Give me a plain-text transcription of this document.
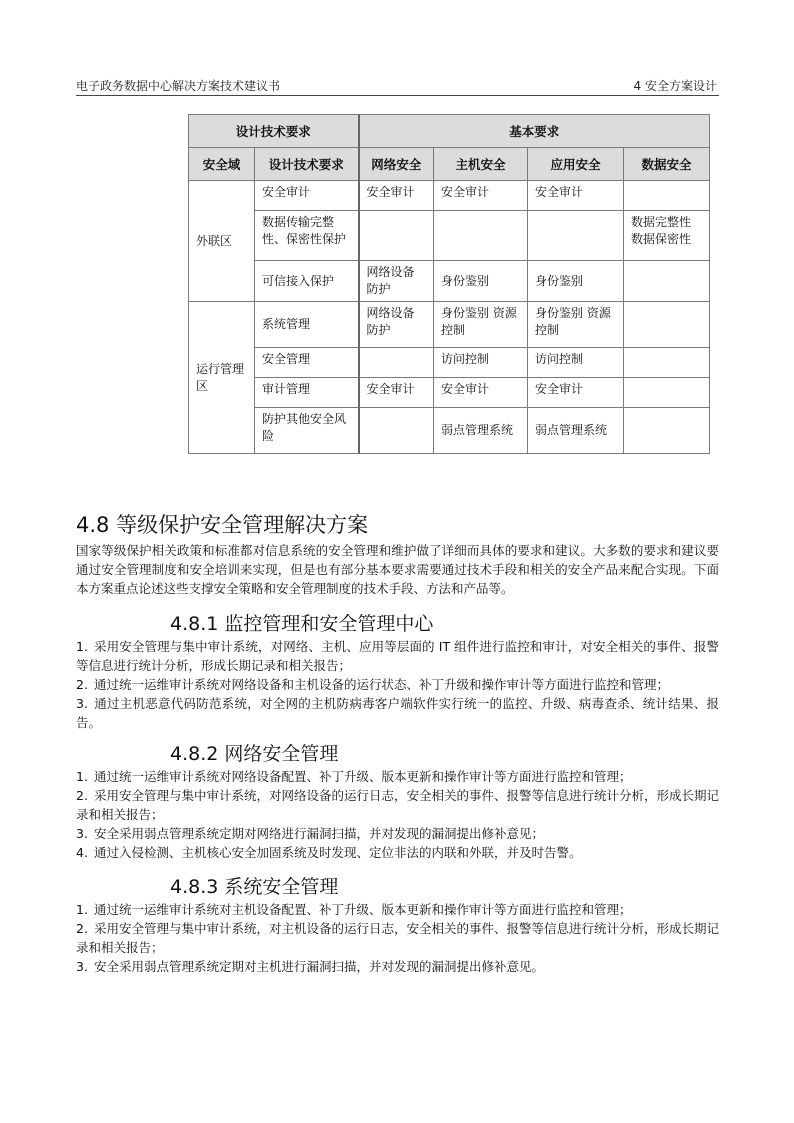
电子政务数据中心解决方案技术建议书	4 安全方案设计
设计技术要求		基本要求			
安全域	设计技术要求	网络安全	主机安全	应用安全	数据安全
外联区	安全审计	安全审计	安全审计	安全审计	
	数据传输完整性、保密性保护				数据完整性 数据保密性
	可信接入保护	网络设备防护	身份鉴别	身份鉴别	
运行管理区	系统管理	网络设备防护	身份鉴别 资源控制	身份鉴别 资源控制	
	安全管理		访问控制	访问控制	
	审计管理	安全审计	安全审计	安全审计	
	防护其他安全风险		弱点管理系统	弱点管理系统	
4.8 等级保护安全管理解决方案

国家等级保护相关政策和标准都对信息系统的安全管理和维护做了详细而具体的要求和建议。大多数的要求和建议要通过安全管理制度和安全培训来实现，但是也有部分基本要求需要通过技术手段和相关的安全产品来配合实现。下面本方案重点论述这些支撑安全策略和安全管理制度的技术手段、方法和产品等。

4.8.1 监控管理和安全管理中心

1. 采用安全管理与集中审计系统，对网络、主机、应用等层面的 IT 组件进行监控和审计，对安全相关的事件、报警等信息进行统计分析，形成长期记录和相关报告；

2. 通过统一运维审计系统对网络设备和主机设备的运行状态、补丁升级和操作审计等方面进行监控和管理；

3. 通过主机恶意代码防范系统，对全网的主机防病毒客户端软件实行统一的监控、升级、病毒查杀、统计结果、报告。

4.8.2 网络安全管理

1. 通过统一运维审计系统对网络设备配置、补丁升级、版本更新和操作审计等方面进行监控和管理；

2. 采用安全管理与集中审计系统，对网络设备的运行日志，安全相关的事件、报警等信息进行统计分析，形成长期记录和相关报告；

3. 安全采用弱点管理系统定期对网络进行漏洞扫描，并对发现的漏洞提出修补意见；

4. 通过入侵检测、主机核心安全加固系统及时发现、定位非法的内联和外联，并及时告警。

4.8.3 系统安全管理

1. 通过统一运维审计系统对主机设备配置、补丁升级、版本更新和操作审计等方面进行监控和管理；

2. 采用安全管理与集中审计系统，对主机设备的运行日志，安全相关的事件、报警等信息进行统计分析，形成长期记录和相关报告；

3. 安全采用弱点管理系统定期对主机进行漏洞扫描，并对发现的漏洞提出修补意见。
